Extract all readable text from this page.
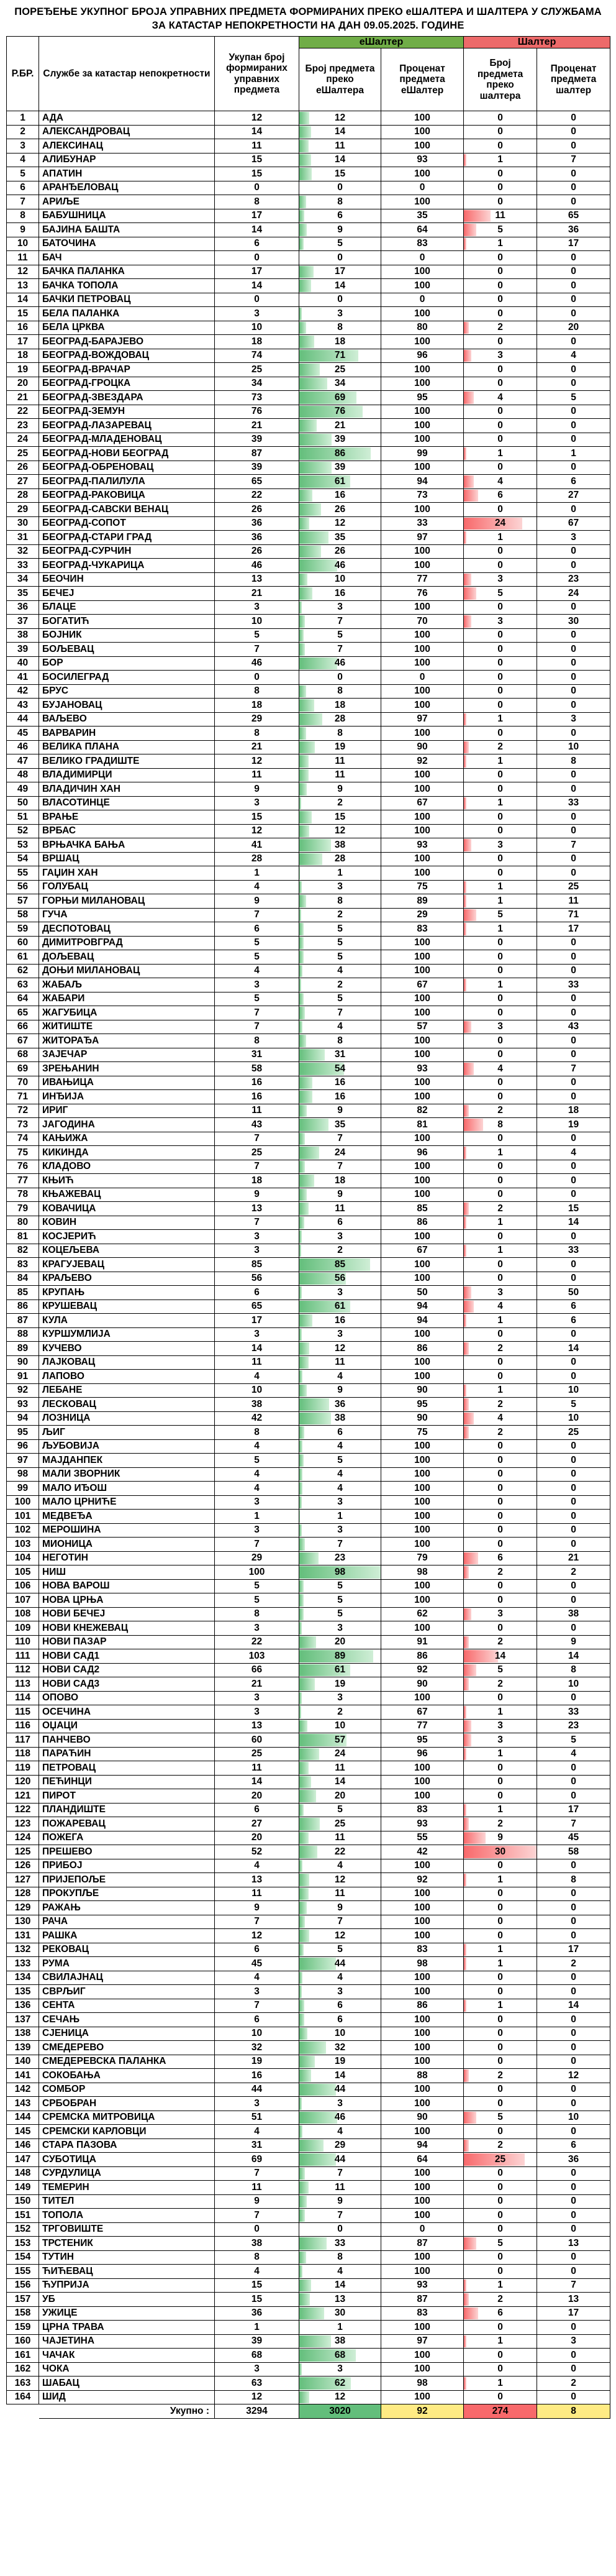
ПОРЕЂЕЊЕ УКУПНОГ БРОЈА УПРАВНИХ ПРЕДМЕТА ФОРМИРАНИХ ПРЕКО еШАЛТЕРА И ШАЛТЕРА У СЛУЖБАМА ЗА КАТАСТАР НЕПОКРЕТНОСТИ НА ДАН 09.05.2025. ГОДИНЕ
Р.БР.	Службе за катастар непокретности	Укупан број формираних управних предмета	еШалтер		Шалтер	
			Број предмета преко еШалтера	Проценат предмета еШалтер	Број предмета преко шалтера	Проценат предмета шалтер
1	АДА	12	12	100	0	0
2	АЛЕКСАНДРОВАЦ	14	14	100	0	0
3	АЛЕКСИНАЦ	11	11	100	0	0
4	АЛИБУНАР	15	14	93	1	7
5	АПАТИН	15	15	100	0	0
6	АРАНЂЕЛОВАЦ	0	0	0	0	0
7	АРИЉЕ	8	8	100	0	0
8	БАБУШНИЦА	17	6	35	11	65
9	БАЈИНА БАШТА	14	9	64	5	36
10	БАТОЧИНА	6	5	83	1	17
11	БАЧ	0	0	0	0	0
12	БАЧКА ПАЛАНКА	17	17	100	0	0
13	БАЧКА ТОПОЛА	14	14	100	0	0
14	БАЧКИ ПЕТРОВАЦ	0	0	0	0	0
15	БЕЛА ПАЛАНКА	3	3	100	0	0
16	БЕЛА ЦРКВА	10	8	80	2	20
17	БЕОГРАД-БАРАЈЕВО	18	18	100	0	0
18	БЕОГРАД-ВОЖДОВАЦ	74	71	96	3	4
19	БЕОГРАД-ВРАЧАР	25	25	100	0	0
20	БЕОГРАД-ГРОЦКА	34	34	100	0	0
21	БЕОГРАД-ЗВЕЗДАРА	73	69	95	4	5
22	БЕОГРАД-ЗЕМУН	76	76	100	0	0
23	БЕОГРАД-ЛАЗАРЕВАЦ	21	21	100	0	0
24	БЕОГРАД-МЛАДЕНОВАЦ	39	39	100	0	0
25	БЕОГРАД-НОВИ БЕОГРАД	87	86	99	1	1
26	БЕОГРАД-ОБРЕНОВАЦ	39	39	100	0	0
27	БЕОГРАД-ПАЛИЛУЛА	65	61	94	4	6
28	БЕОГРАД-РАКОВИЦА	22	16	73	6	27
29	БЕОГРАД-САВСКИ ВЕНАЦ	26	26	100	0	0
30	БЕОГРАД-СОПОТ	36	12	33	24	67
31	БЕОГРАД-СТАРИ ГРАД	36	35	97	1	3
32	БЕОГРАД-СУРЧИН	26	26	100	0	0
33	БЕОГРАД-ЧУКАРИЦА	46	46	100	0	0
34	БЕОЧИН	13	10	77	3	23
35	БЕЧЕЈ	21	16	76	5	24
36	БЛАЦЕ	3	3	100	0	0
37	БОГАТИЋ	10	7	70	3	30
38	БОЈНИК	5	5	100	0	0
39	БОЉЕВАЦ	7	7	100	0	0
40	БОР	46	46	100	0	0
41	БОСИЛЕГРАД	0	0	0	0	0
42	БРУС	8	8	100	0	0
43	БУЈАНОВАЦ	18	18	100	0	0
44	ВАЉЕВО	29	28	97	1	3
45	ВАРВАРИН	8	8	100	0	0
46	ВЕЛИКА ПЛАНА	21	19	90	2	10
47	ВЕЛИКО ГРАДИШТЕ	12	11	92	1	8
48	ВЛАДИМИРЦИ	11	11	100	0	0
49	ВЛАДИЧИН ХАН	9	9	100	0	0
50	ВЛАСОТИНЦЕ	3	2	67	1	33
51	ВРАЊЕ	15	15	100	0	0
52	ВРБАС	12	12	100	0	0
53	ВРЊАЧКА БАЊА	41	38	93	3	7
54	ВРШАЦ	28	28	100	0	0
55	ГАЏИН ХАН	1	1	100	0	0
56	ГОЛУБАЦ	4	3	75	1	25
57	ГОРЊИ МИЛАНОВАЦ	9	8	89	1	11
58	ГУЧА	7	2	29	5	71
59	ДЕСПОТОВАЦ	6	5	83	1	17
60	ДИМИТРОВГРАД	5	5	100	0	0
61	ДОЉЕВАЦ	5	5	100	0	0
62	ДОЊИ МИЛАНОВАЦ	4	4	100	0	0
63	ЖАБАЉ	3	2	67	1	33
64	ЖАБАРИ	5	5	100	0	0
65	ЖАГУБИЦА	7	7	100	0	0
66	ЖИТИШТЕ	7	4	57	3	43
67	ЖИТОРАЂА	8	8	100	0	0
68	ЗАЈЕЧАР	31	31	100	0	0
69	ЗРЕЊАНИН	58	54	93	4	7
70	ИВАЊИЦА	16	16	100	0	0
71	ИНЂИЈА	16	16	100	0	0
72	ИРИГ	11	9	82	2	18
73	ЈАГОДИНА	43	35	81	8	19
74	КАЊИЖА	7	7	100	0	0
75	КИКИНДА	25	24	96	1	4
76	КЛАДОВО	7	7	100	0	0
77	КЊИЋ	18	18	100	0	0
78	КЊАЖЕВАЦ	9	9	100	0	0
79	КОВАЧИЦА	13	11	85	2	15
80	КОВИН	7	6	86	1	14
81	КОСЈЕРИЋ	3	3	100	0	0
82	КОЦЕЉЕВА	3	2	67	1	33
83	КРАГУЈЕВАЦ	85	85	100	0	0
84	КРАЉЕВО	56	56	100	0	0
85	КРУПАЊ	6	3	50	3	50
86	КРУШЕВАЦ	65	61	94	4	6
87	КУЛА	17	16	94	1	6
88	КУРШУМЛИЈА	3	3	100	0	0
89	КУЧЕВО	14	12	86	2	14
90	ЛАЈКОВАЦ	11	11	100	0	0
91	ЛАПОВО	4	4	100	0	0
92	ЛЕБАНЕ	10	9	90	1	10
93	ЛЕСКОВАЦ	38	36	95	2	5
94	ЛОЗНИЦА	42	38	90	4	10
95	ЉИГ	8	6	75	2	25
96	ЉУБОВИЈА	4	4	100	0	0
97	МАЈДАНПЕК	5	5	100	0	0
98	МАЛИ ЗВОРНИК	4	4	100	0	0
99	МАЛО ИЂОШ	4	4	100	0	0
100	МАЛО ЦРНИЋЕ	3	3	100	0	0
101	МЕДВЕЂА	1	1	100	0	0
102	МЕРОШИНА	3	3	100	0	0
103	МИОНИЦА	7	7	100	0	0
104	НЕГОТИН	29	23	79	6	21
105	НИШ	100	98	98	2	2
106	НОВА ВАРОШ	5	5	100	0	0
107	НОВА ЦРЊА	5	5	100	0	0
108	НОВИ БЕЧЕЈ	8	5	62	3	38
109	НОВИ КНЕЖЕВАЦ	3	3	100	0	0
110	НОВИ ПАЗАР	22	20	91	2	9
111	НОВИ САД1	103	89	86	14	14
112	НОВИ САД2	66	61	92	5	8
113	НОВИ САД3	21	19	90	2	10
114	ОПОВО	3	3	100	0	0
115	ОСЕЧИНА	3	2	67	1	33
116	ОЏАЦИ	13	10	77	3	23
117	ПАНЧЕВО	60	57	95	3	5
118	ПАРАЋИН	25	24	96	1	4
119	ПЕТРОВАЦ	11	11	100	0	0
120	ПЕЋИНЦИ	14	14	100	0	0
121	ПИРОТ	20	20	100	0	0
122	ПЛАНДИШТЕ	6	5	83	1	17
123	ПОЖАРЕВАЦ	27	25	93	2	7
124	ПОЖЕГА	20	11	55	9	45
125	ПРЕШЕВО	52	22	42	30	58
126	ПРИБОЈ	4	4	100	0	0
127	ПРИЈЕПОЉЕ	13	12	92	1	8
128	ПРОКУПЉЕ	11	11	100	0	0
129	РАЖАЊ	9	9	100	0	0
130	РАЧА	7	7	100	0	0
131	РАШКА	12	12	100	0	0
132	РЕКОВАЦ	6	5	83	1	17
133	РУМА	45	44	98	1	2
134	СВИЛАЈНАЦ	4	4	100	0	0
135	СВРЉИГ	3	3	100	0	0
136	СЕНТА	7	6	86	1	14
137	СЕЧАЊ	6	6	100	0	0
138	СЈЕНИЦА	10	10	100	0	0
139	СМЕДЕРЕВО	32	32	100	0	0
140	СМЕДЕРЕВСКА ПАЛАНКА	19	19	100	0	0
141	СОКОБАЊА	16	14	88	2	12
142	СОМБОР	44	44	100	0	0
143	СРБОБРАН	3	3	100	0	0
144	СРЕМСКА МИТРОВИЦА	51	46	90	5	10
145	СРЕМСКИ КАРЛОВЦИ	4	4	100	0	0
146	СТАРА ПАЗОВА	31	29	94	2	6
147	СУБОТИЦА	69	44	64	25	36
148	СУРДУЛИЦА	7	7	100	0	0
149	ТЕМЕРИН	11	11	100	0	0
150	ТИТЕЛ	9	9	100	0	0
151	ТОПОЛА	7	7	100	0	0
152	ТРГОВИШТЕ	0	0	0	0	0
153	ТРСТЕНИК	38	33	87	5	13
154	ТУТИН	8	8	100	0	0
155	ЋИЋЕВАЦ	4	4	100	0	0
156	ЋУПРИЈА	15	14	93	1	7
157	УБ	15	13	87	2	13
158	УЖИЦЕ	36	30	83	6	17
159	ЦРНА ТРАВА	1	1	100	0	0
160	ЧАЈЕТИНА	39	38	97	1	3
161	ЧАЧАК	68	68	100	0	0
162	ЧОКА	3	3	100	0	0
163	ШАБАЦ	63	62	98	1	2
164	ШИД	12	12	100	0	0
	Укупно :	3294	3020	92	274	8
